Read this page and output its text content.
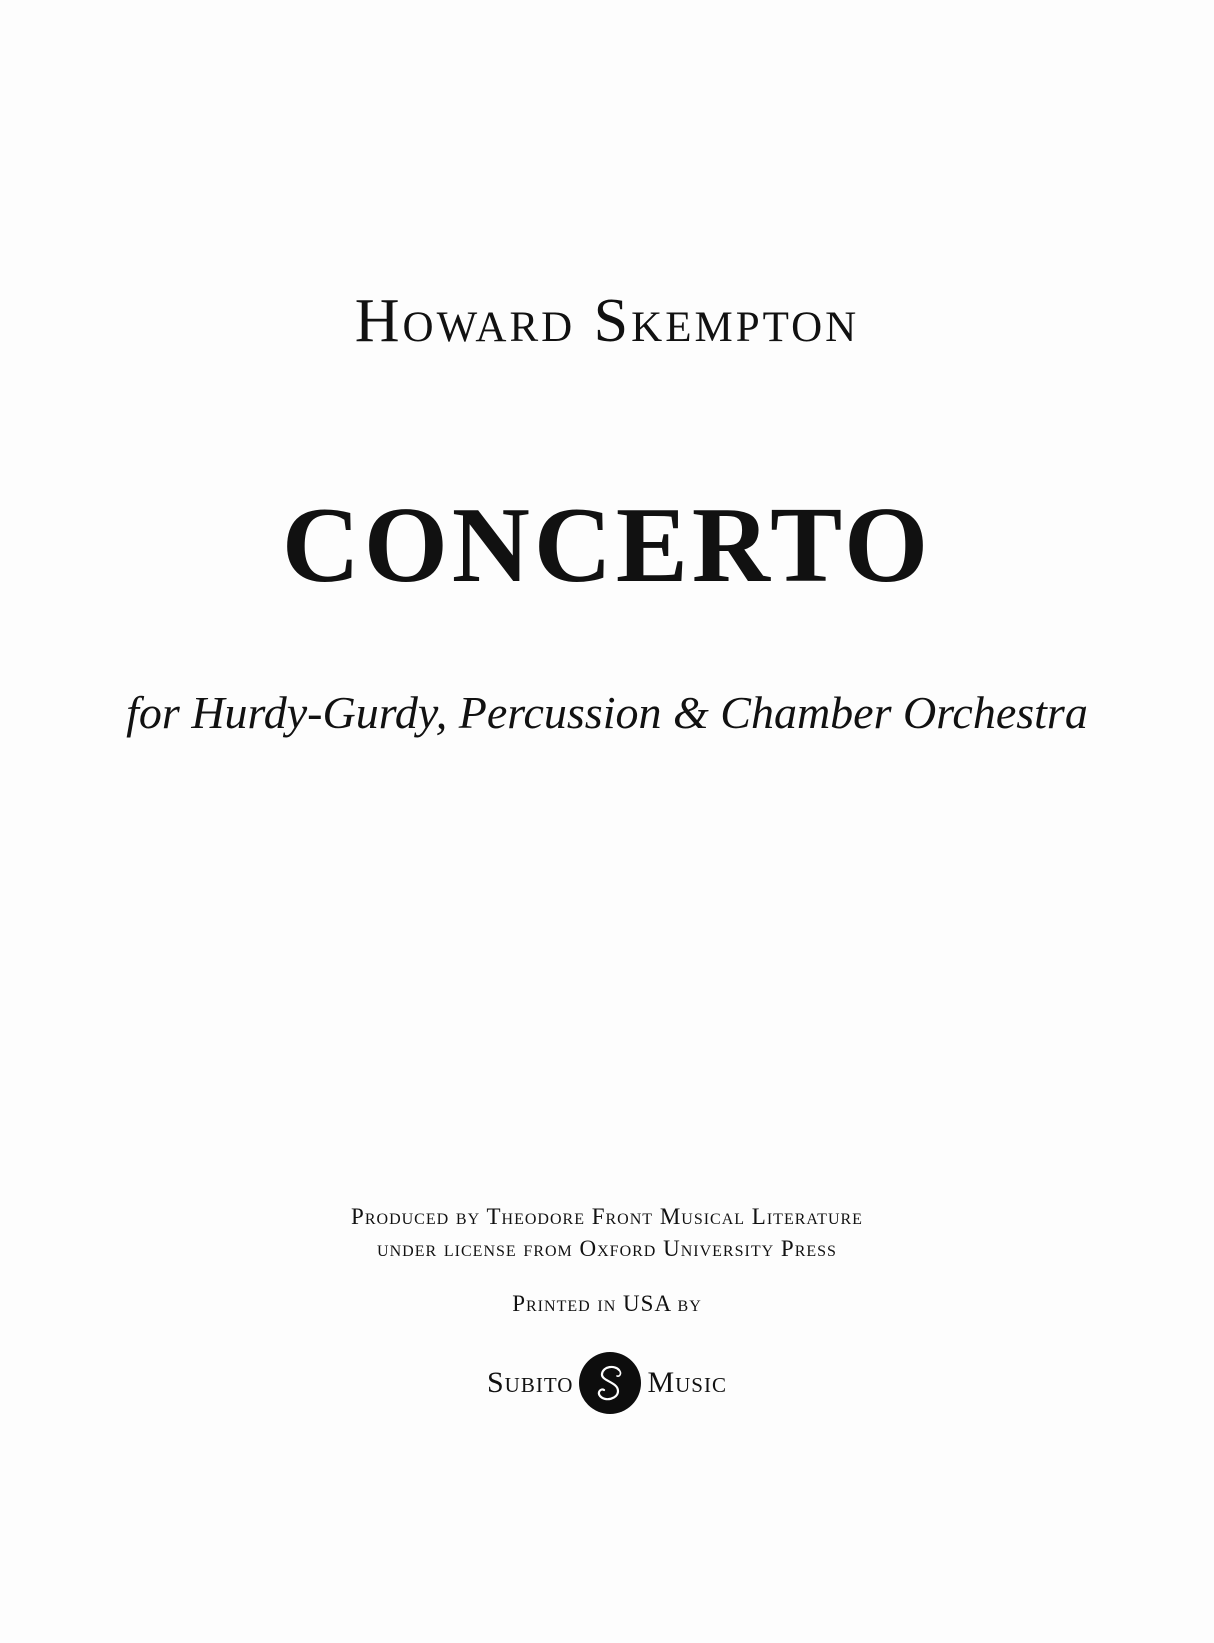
Howard Skempton
CONCERTO
for Hurdy-Gurdy, Percussion & Chamber Orchestra
Produced by Theodore Front Musical Literature
under license from Oxford University Press
Printed in USA by
Subito Music
